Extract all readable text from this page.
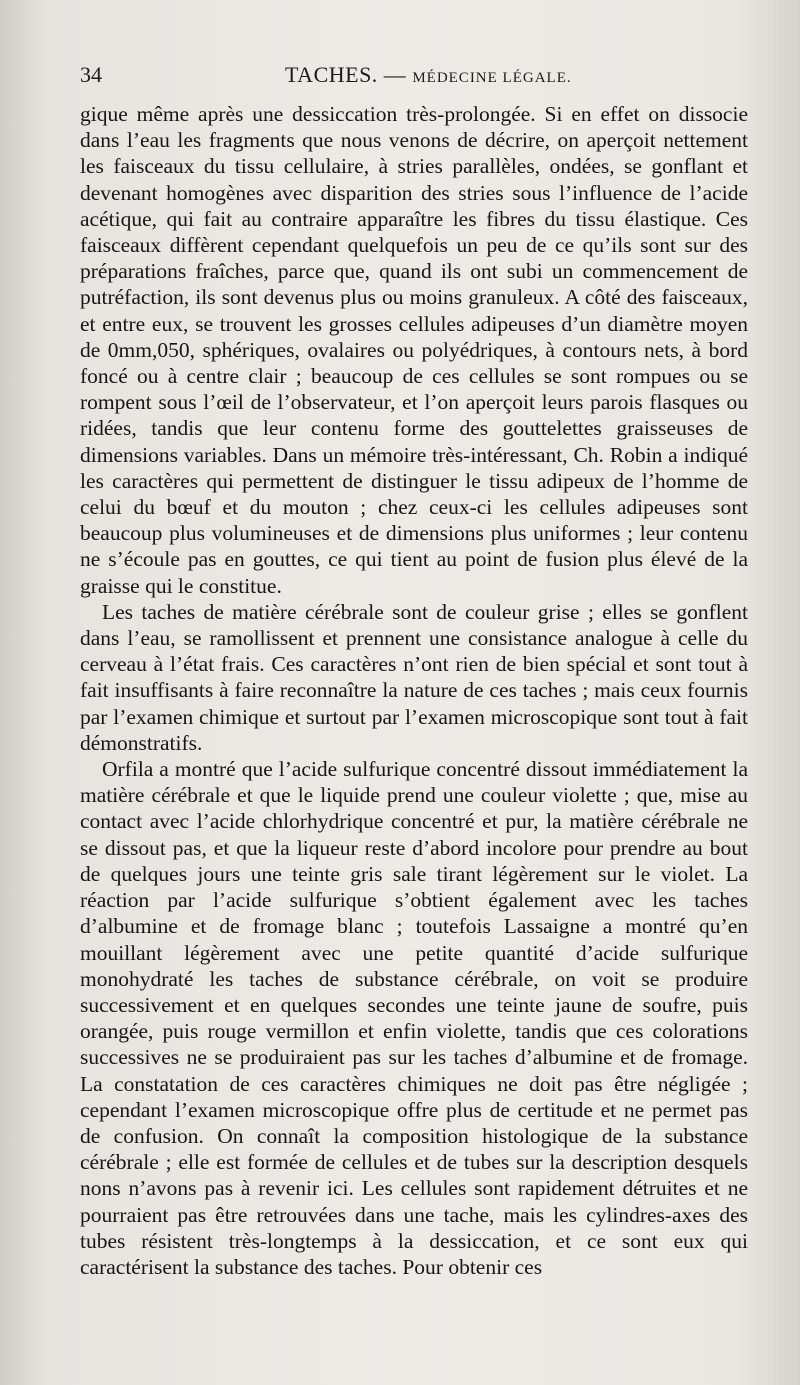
34	TACHES. — MÉDECINE LÉGALE.

gique même après une dessiccation très-prolongée. Si en effet on dissocie dans l’eau les fragments que nous venons de décrire, on aperçoit nettement les faisceaux du tissu cellulaire, à stries parallèles, ondées, se gonflant et devenant homogènes avec disparition des stries sous l’influence de l’acide acétique, qui fait au contraire apparaître les fibres du tissu élastique. Ces faisceaux diffèrent cependant quelquefois un peu de ce qu’ils sont sur des préparations fraîches, parce que, quand ils ont subi un commencement de putréfaction, ils sont devenus plus ou moins granuleux. A côté des faisceaux, et entre eux, se trouvent les grosses cellules adipeuses d’un diamètre moyen de 0mm,050, sphériques, ovalaires ou polyédriques, à contours nets, à bord foncé ou à centre clair ; beaucoup de ces cellules se sont rompues ou se rompent sous l’œil de l’observateur, et l’on aperçoit leurs parois flasques ou ridées, tandis que leur contenu forme des gouttelettes graisseuses de dimensions variables. Dans un mémoire très-intéressant, Ch. Robin a indiqué les caractères qui permettent de distinguer le tissu adipeux de l’homme de celui du bœuf et du mouton ; chez ceux-ci les cellules adipeuses sont beaucoup plus volumineuses et de dimensions plus uniformes ; leur contenu ne s’écoule pas en gouttes, ce qui tient au point de fusion plus élevé de la graisse qui le constitue.

Les taches de matière cérébrale sont de couleur grise ; elles se gonflent dans l’eau, se ramollissent et prennent une consistance analogue à celle du cerveau à l’état frais. Ces caractères n’ont rien de bien spécial et sont tout à fait insuffisants à faire reconnaître la nature de ces taches ; mais ceux fournis par l’examen chimique et surtout par l’examen microscopique sont tout à fait démonstratifs.

Orfila a montré que l’acide sulfurique concentré dissout immédiatement la matière cérébrale et que le liquide prend une couleur violette ; que, mise au contact avec l’acide chlorhydrique concentré et pur, la matière cérébrale ne se dissout pas, et que la liqueur reste d’abord incolore pour prendre au bout de quelques jours une teinte gris sale tirant légèrement sur le violet. La réaction par l’acide sulfurique s’obtient également avec les taches d’albumine et de fromage blanc ; toutefois Lassaigne a montré qu’en mouillant légèrement avec une petite quantité d’acide sulfurique monohydraté les taches de substance cérébrale, on voit se produire successivement et en quelques secondes une teinte jaune de soufre, puis orangée, puis rouge vermillon et enfin violette, tandis que ces colorations successives ne se produiraient pas sur les taches d’albumine et de fromage. La constatation de ces caractères chimiques ne doit pas être négligée ; cependant l’examen microscopique offre plus de certitude et ne permet pas de confusion. On connaît la composition histologique de la substance cérébrale ; elle est formée de cellules et de tubes sur la description desquels nons n’avons pas à revenir ici. Les cellules sont rapidement détruites et ne pourraient pas être retrouvées dans une tache, mais les cylindres-axes des tubes résistent très-longtemps à la dessiccation, et ce sont eux qui caractérisent la substance des taches. Pour obtenir ces
